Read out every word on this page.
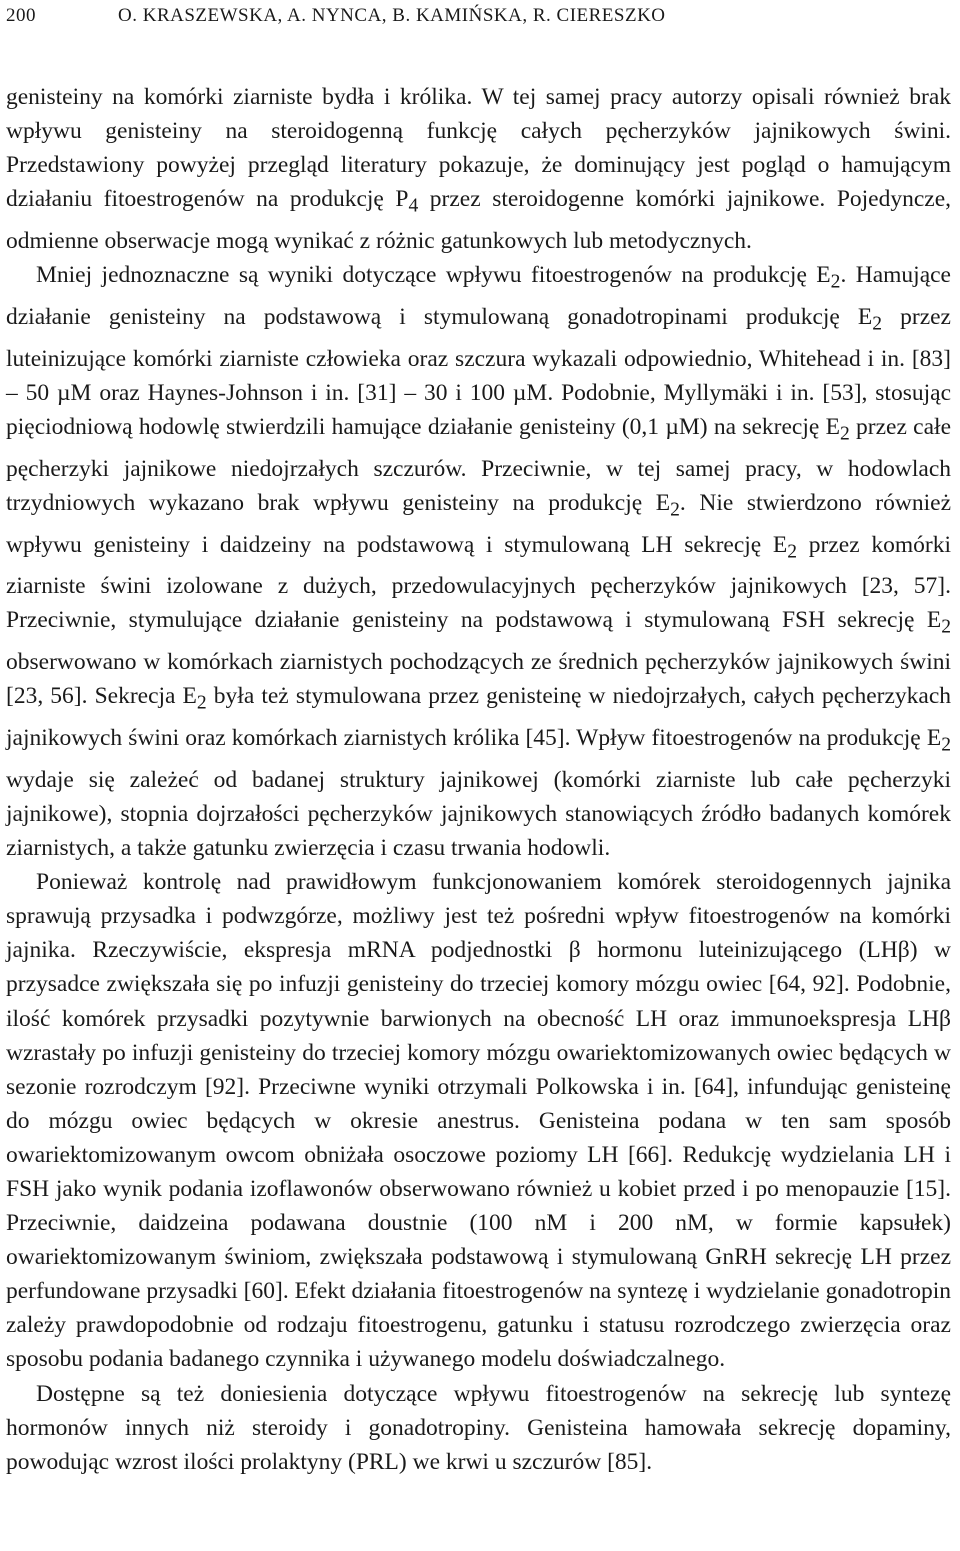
200	O. KRASZEWSKA, A. NYNCA, B. KAMIŃSKA, R. CIERESZKO

genisteiny na komórki ziarniste bydła i królika. W tej samej pracy autorzy opisali również brak wpływu genisteiny na steroidogenną funkcję całych pęcherzyków jajnikowych świni. Przedstawiony powyżej przegląd literatury pokazuje, że dominujący jest pogląd o hamującym działaniu fitoestrogenów na produkcję $P_4$ przez steroidogenne komórki jajnikowe. Pojedyncze, odmienne obserwacje mogą wynikać z różnic gatunkowych lub metodycznych.

Mniej jednoznaczne są wyniki dotyczące wpływu fitoestrogenów na produkcję $E_2$. Hamujące działanie genisteiny na podstawową i stymulowaną gonadotropinami produkcję $E_2$ przez luteinizujące komórki ziarniste człowieka oraz szczura wykazali odpowiednio, Whitehead i in. [83] – 50 µM oraz Haynes-Johnson i in. [31] – 30 i 100 µM. Podobnie, Myllymäki i in. [53], stosując pięciodniową hodowlę stwierdzili hamujące działanie genisteiny (0,1 µM) na sekrecję $E_2$ przez całe pęcherzyki jajnikowe niedojrzałych szczurów. Przeciwnie, w tej samej pracy, w hodowlach trzydniowych wykazano brak wpływu genisteiny na produkcję $E_2$. Nie stwierdzono również wpływu genisteiny i daidzeiny na podstawową i stymulowaną LH sekrecję $E_2$ przez komórki ziarniste świni izolowane z dużych, przedowulacyjnych pęcherzyków jajnikowych [23, 57]. Przeciwnie, stymulujące działanie genisteiny na podstawową i stymulowaną FSH sekrecję $E_2$ obserwowano w komórkach ziarnistych pochodzących ze średnich pęcherzyków jajnikowych świni [23, 56]. Sekrecja $E_2$ była też stymulowana przez genisteinę w niedojrzałych, całych pęcherzykach jajnikowych świni oraz komórkach ziarnistych królika [45]. Wpływ fitoestrogenów na produkcję $E_2$ wydaje się zależeć od badanej struktury jajnikowej (komórki ziarniste lub całe pęcherzyki jajnikowe), stopnia dojrzałości pęcherzyków jajnikowych stanowiących źródło badanych komórek ziarnistych, a także gatunku zwierzęcia i czasu trwania hodowli.

Ponieważ kontrolę nad prawidłowym funkcjonowaniem komórek steroidogennych jajnika sprawują przysadka i podwzgórze, możliwy jest też pośredni wpływ fitoestrogenów na komórki jajnika. Rzeczywiście, ekspresja mRNA podjednostki β hormonu luteinizującego (LHβ) w przysadce zwiększała się po infuzji genisteiny do trzeciej komory mózgu owiec [64, 92]. Podobnie, ilość komórek przysadki pozytywnie barwionych na obecność LH oraz immunoekspresja LHβ wzrastały po infuzji genisteiny do trzeciej komory mózgu owariektomizowanych owiec będących w sezonie rozrodczym [92]. Przeciwne wyniki otrzymali Polkowska i in. [64], infundując genisteinę do mózgu owiec będących w okresie anestrus. Genisteina podana w ten sam sposób owariektomizowanym owcom obniżała osoczowe poziomy LH [66]. Redukcję wydzielania LH i FSH jako wynik podania izoflawonów obserwowano również u kobiet przed i po menopauzie [15]. Przeciwnie, daidzeina podawana doustnie (100 nM i 200 nM, w formie kapsułek) owariektomizowanym świniom, zwiększała podstawową i stymulowaną GnRH sekrecję LH przez perfundowane przysadki [60]. Efekt działania fitoestrogenów na syntezę i wydzielanie gonadotropin zależy prawdopodobnie od rodzaju fitoestrogenu, gatunku i statusu rozrodczego zwierzęcia oraz sposobu podania badanego czynnika i używanego modelu doświadczalnego.

Dostępne są też doniesienia dotyczące wpływu fitoestrogenów na sekrecję lub syntezę hormonów innych niż steroidy i gonadotropiny. Genisteina hamowała sekrecję dopaminy, powodując wzrost ilości prolaktyny (PRL) we krwi u szczurów [85].
